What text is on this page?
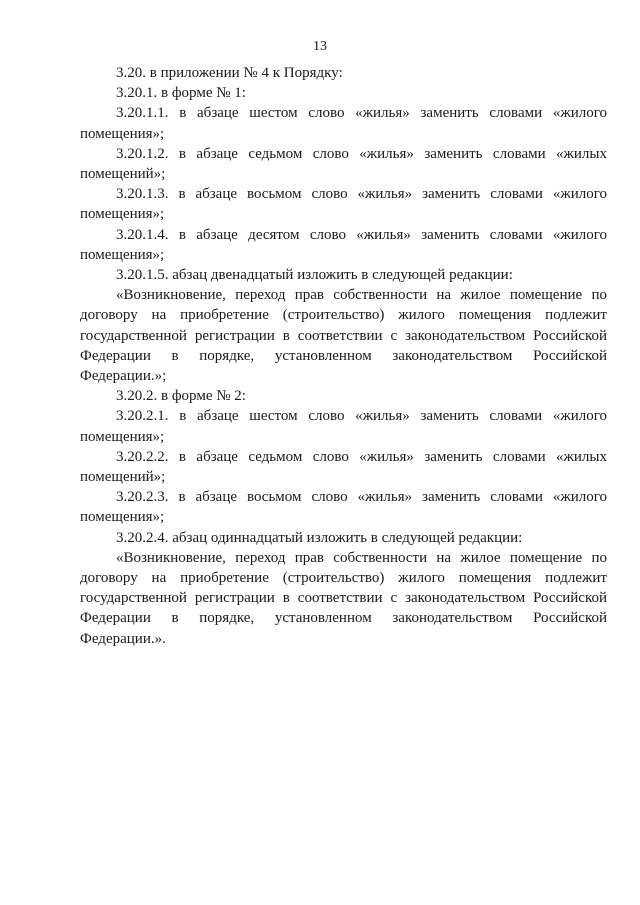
13

3.20. в приложении № 4 к Порядку:

3.20.1. в форме № 1:

3.20.1.1. в абзаце шестом слово «жилья» заменить словами «жилого помещения»;

3.20.1.2. в абзаце седьмом слово «жилья» заменить словами «жилых помещений»;

3.20.1.3. в абзаце восьмом слово «жилья» заменить словами «жилого помещения»;

3.20.1.4. в абзаце десятом слово «жилья» заменить словами «жилого помещения»;

3.20.1.5. абзац двенадцатый изложить в следующей редакции:

«Возникновение, переход прав собственности на жилое помещение по договору на приобретение (строительство) жилого помещения подлежит государственной регистрации в соответствии с законодательством Российской Федерации в порядке, установленном законодательством Российской Федерации.»;

3.20.2. в форме № 2:

3.20.2.1. в абзаце шестом слово «жилья» заменить словами «жилого помещения»;

3.20.2.2. в абзаце седьмом слово «жилья» заменить словами «жилых помещений»;

3.20.2.3. в абзаце восьмом слово «жилья» заменить словами «жилого помещения»;

3.20.2.4. абзац одиннадцатый изложить в следующей редакции:

«Возникновение, переход прав собственности на жилое помещение по договору на приобретение (строительство) жилого помещения подлежит государственной регистрации в соответствии с законодательством Российской Федерации в порядке, установленном законодательством Российской Федерации.».
